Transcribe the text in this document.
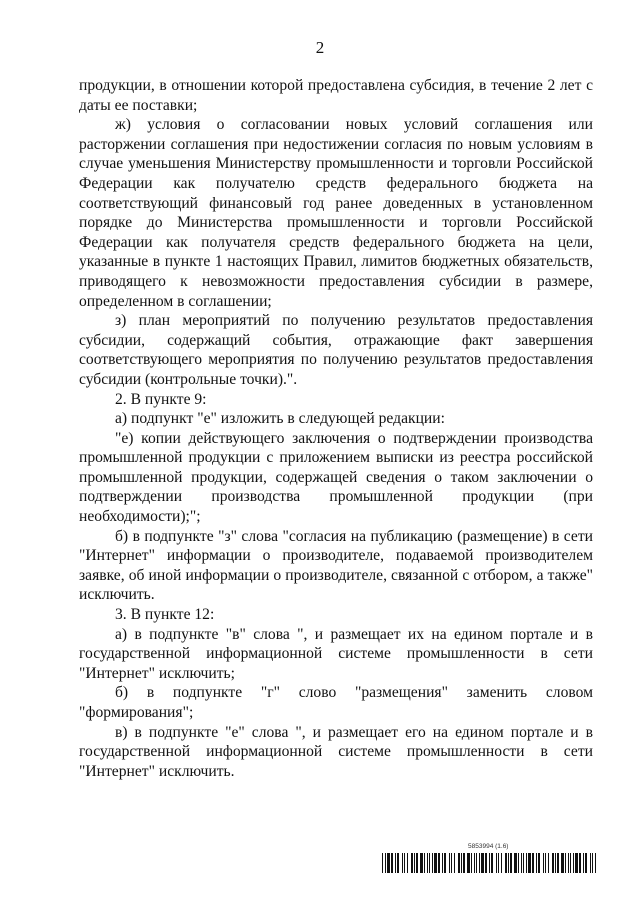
2

продукции, в отношении которой предоставлена субсидия, в течение 2 лет с даты ее поставки;

ж) условия о согласовании новых условий соглашения или расторжении соглашения при недостижении согласия по новым условиям в случае уменьшения Министерству промышленности и торговли Российской Федерации как получателю средств федерального бюджета на соответствующий финансовый год ранее доведенных в установленном порядке до Министерства промышленности и торговли Российской Федерации как получателя средств федерального бюджета на цели, указанные в пункте 1 настоящих Правил, лимитов бюджетных обязательств, приводящего к невозможности предоставления субсидии в размере, определенном в соглашении;

з) план мероприятий по получению результатов предоставления субсидии, содержащий события, отражающие факт завершения соответствующего мероприятия по получению результатов предоставления субсидии (контрольные точки).".

2. В пункте 9:

а) подпункт "е" изложить в следующей редакции:

"е) копии действующего заключения о подтверждении производства промышленной продукции с приложением выписки из реестра российской промышленной продукции, содержащей сведения о таком заключении о подтверждении производства промышленной продукции (при необходимости);";

б) в подпункте "з" слова "согласия на публикацию (размещение) в сети "Интернет" информации о производителе, подаваемой производителем заявке, об иной информации о производителе, связанной с отбором, а также" исключить.

3. В пункте 12:

а) в подпункте "в" слова ", и размещает их на едином портале и в государственной информационной системе промышленности в сети "Интернет" исключить;

б) в подпункте "г" слово "размещения" заменить словом "формирования";

в) в подпункте "е" слова ", и размещает его на едином портале и в государственной информационной системе промышленности в сети "Интернет" исключить.

5853994 (1.6)
